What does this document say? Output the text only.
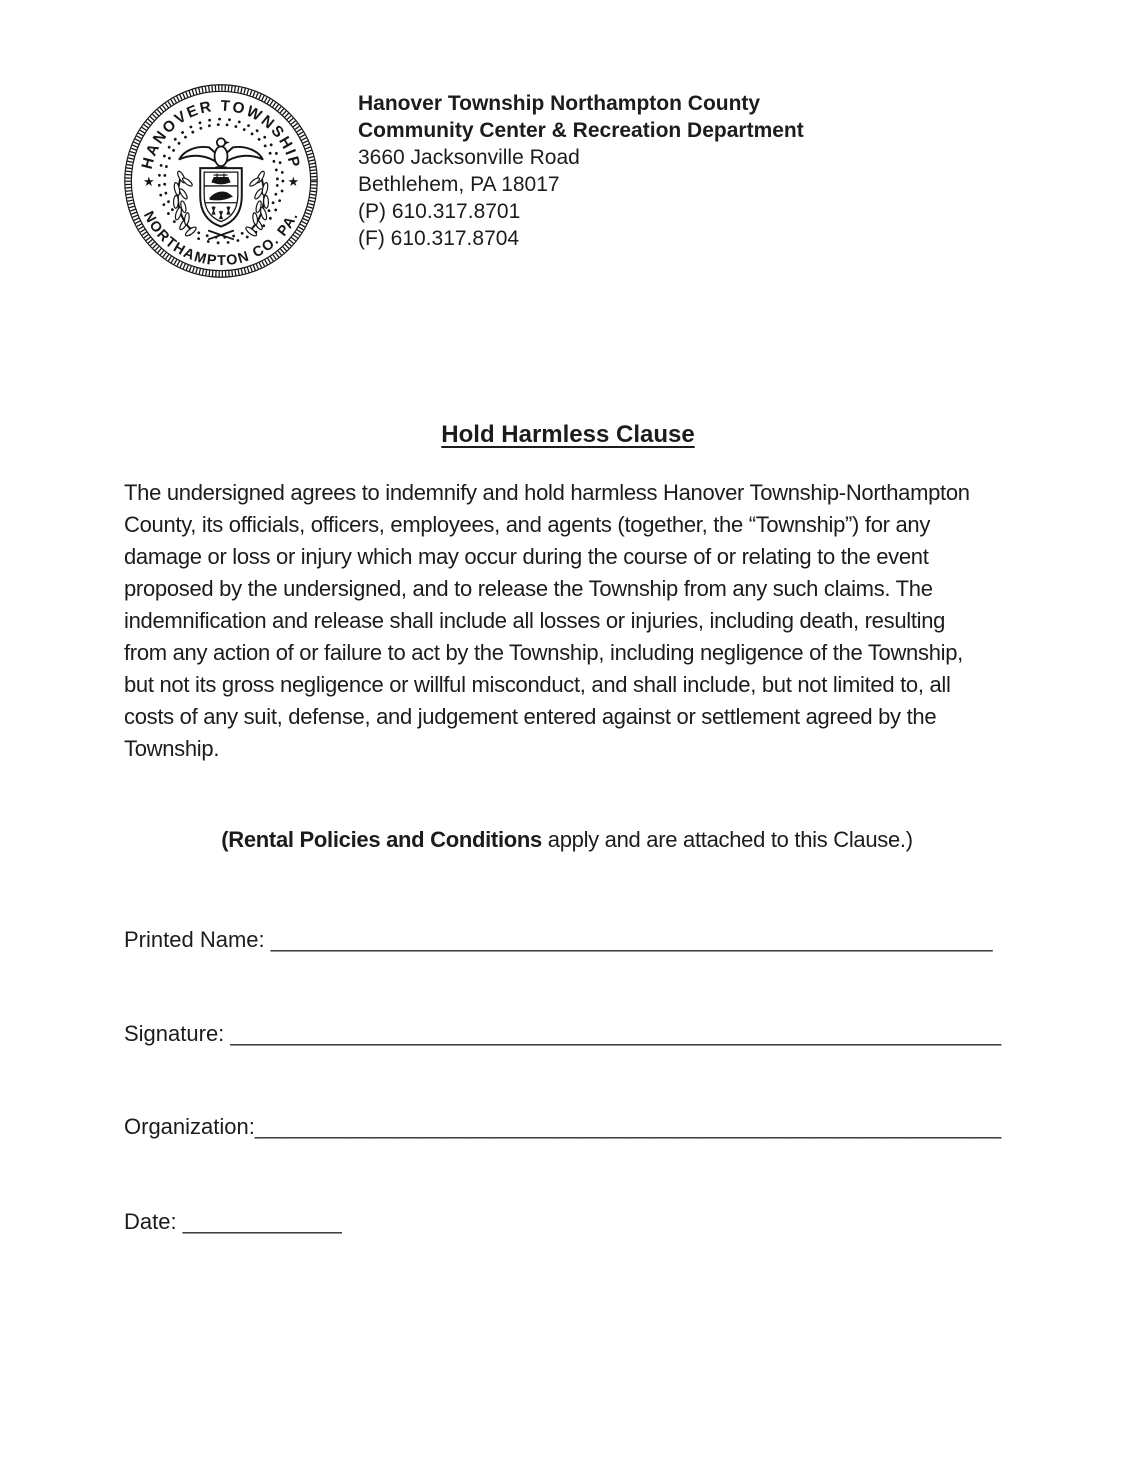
HANOVER TOWNSHIP
NORTHAMPTON CO. PA.
★	★
Hanover Township Northampton County
Community Center & Recreation Department
3660 Jacksonville Road
Bethlehem, PA 18017
(P) 610.317.8701
(F) 610.317.8704
Hold Harmless Clause
The undersigned agrees to indemnify and hold harmless Hanover Township-Northampton
County, its officials, officers, employees, and agents (together, the “Township”) for any
damage or loss or injury which may occur during the course of or relating to the event
proposed by the undersigned, and to release the Township from any such claims. The
indemnification and release shall include all losses or injuries, including death, resulting
from any action of or failure to act by the Township, including negligence of the Township,
but not its gross negligence or willful misconduct, and shall include, but not limited to, all
costs of any suit, defense, and judgement entered against or settlement agreed by the
Township.
(Rental Policies and Conditions apply and are attached to this Clause.)
Printed Name: ___________________________________________________________
Signature: _______________________________________________________________
Organization:_____________________________________________________________
Date: _____________
